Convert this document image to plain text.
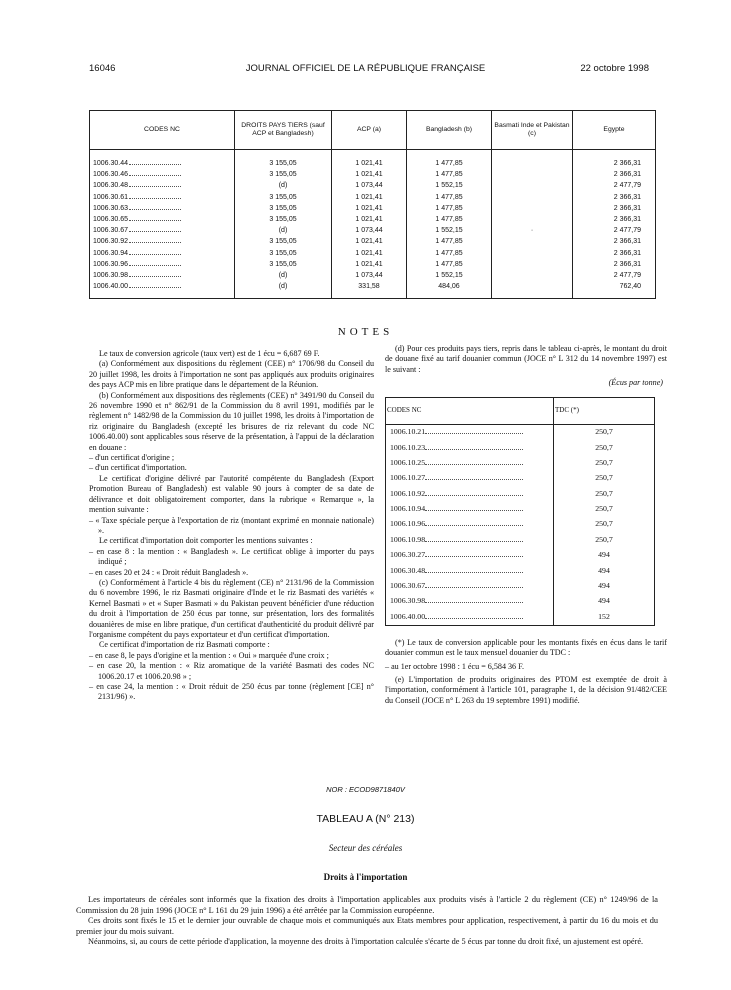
16046	JOURNAL OFFICIEL DE LA RÉPUBLIQUE FRANÇAISE	22 octobre 1998
CODES NC	DROITS PAYS TIERS (sauf ACP et Bangladesh)	ACP (a)	Bangladesh (b)	Basmati Inde et Pakistan (c)	Egypte
1006.30.44	3 155,05	1 021,41	1 477,85		2 366,31
1006.30.46	3 155,05	1 021,41	1 477,85		2 366,31
1006.30.48	(d)	1 073,44	1 552,15		2 477,79
1006.30.61	3 155,05	1 021,41	1 477,85		2 366,31
1006.30.63	3 155,05	1 021,41	1 477,85		2 366,31
1006.30.65	3 155,05	1 021,41	1 477,85		2 366,31
1006.30.67	(d)	1 073,44	1 552,15	·	2 477,79
1006.30.92	3 155,05	1 021,41	1 477,85		2 366,31
1006.30.94	3 155,05	1 021,41	1 477,85		2 366,31
1006.30.96	3 155,05	1 021,41	1 477,85		2 366,31
1006.30.98	(d)	1 073,44	1 552,15		2 477,79
1006.40.00	(d)	331,58	484,06		762,40
NOTES

Le taux de conversion agricole (taux vert) est de 1 écu = 6,687 69 F.

(a) Conformément aux dispositions du règlement (CEE) n° 1706/98 du Conseil du 20 juillet 1998, les droits à l'importation ne sont pas appliqués aux produits originaires des pays ACP mis en libre pratique dans le département de la Réunion.

(b) Conformément aux dispositions des règlements (CEE) n° 3491/90 du Conseil du 26 novembre 1990 et n° 862/91 de la Commission du 8 avril 1991, modifiés par le règlement n° 1482/98 de la Commission du 10 juillet 1998, les droits à l'importation de riz originaire du Bangladesh (excepté les brisures de riz relevant du code NC 1006.40.00) sont applicables sous réserve de la présentation, à l'appui de la déclaration en douane :

– d'un certificat d'origine ;

– d'un certificat d'importation.

Le certificat d'origine délivré par l'autorité compétente du Bangladesh (Export Promotion Bureau of Bangladesh) est valable 90 jours à compter de sa date de délivrance et doit obligatoirement comporter, dans la rubrique « Remarque », la mention suivante :

– « Taxe spéciale perçue à l'exportation de riz (montant exprimé en monnaie nationale) ».

Le certificat d'importation doit comporter les mentions suivantes :

– en case 8 : la mention : « Bangladesh ». Le certificat oblige à importer du pays indiqué ;

– en cases 20 et 24 : « Droit réduit Bangladesh ».

(c) Conformément à l'article 4 bis du règlement (CE) n° 2131/96 de la Commission du 6 novembre 1996, le riz Basmati originaire d'Inde et le riz Basmati des variétés « Kernel Basmati » et « Super Basmati » du Pakistan peuvent bénéficier d'une réduction du droit à l'importation de 250 écus par tonne, sur présentation, lors des formalités douanières de mise en libre pratique, d'un certificat d'authenticité du produit délivré par l'organisme compétent du pays exportateur et d'un certificat d'importation.

Ce certificat d'importation de riz Basmati comporte :

– en case 8, le pays d'origine et la mention : « Oui » marquée d'une croix ;

– en case 20, la mention : « Riz aromatique de la variété Basmati des codes NC 1006.20.17 et 1006.20.98 » ;

– en case 24, la mention : « Droit réduit de 250 écus par tonne (règlement [CE] n° 2131/96) ».

(d) Pour ces produits pays tiers, repris dans le tableau ci-après, le montant du droit de douane fixé au tarif douanier commun (JOCE n° L 312 du 14 novembre 1997) est le suivant :

(Écus par tonne)

CODES NC	TDC (*)
1006.10.21	250,7
1006.10.23	250,7
1006.10.25	250,7
1006.10.27	250,7
1006.10.92	250,7
1006.10.94	250,7
1006.10.96	250,7
1006.10.98	250,7
1006.30.27	494
1006.30.48	494
1006.30.67	494
1006.30.98	494
1006.40.00	152

(*) Le taux de conversion applicable pour les montants fixés en écus dans le tarif douanier commun est le taux mensuel douanier du TDC :

– au 1er octobre 1998 : 1 écu = 6,584 36 F.

(e) L'importation de produits originaires des PTOM est exemptée de droit à l'importation, conformément à l'article 101, paragraphe 1, de la décision 91/482/CEE du Conseil (JOCE n° L 263 du 19 septembre 1991) modifié.

NOR : ECOD9871840V
TABLEAU A (N° 213)
Secteur des céréales
Droits à l'importation

Les importateurs de céréales sont informés que la fixation des droits à l'importation applicables aux produits visés à l'article 2 du règlement (CE) n° 1249/96 de la Commission du 28 juin 1996 (JOCE n° L 161 du 29 juin 1996) a été arrêtée par la Commission européenne.

Ces droits sont fixés le 15 et le dernier jour ouvrable de chaque mois et communiqués aux Etats membres pour application, respectivement, à partir du 16 du mois et du premier jour du mois suivant.

Néanmoins, si, au cours de cette période d'application, la moyenne des droits à l'importation calculée s'écarte de 5 écus par tonne du droit fixé, un ajustement est opéré.
